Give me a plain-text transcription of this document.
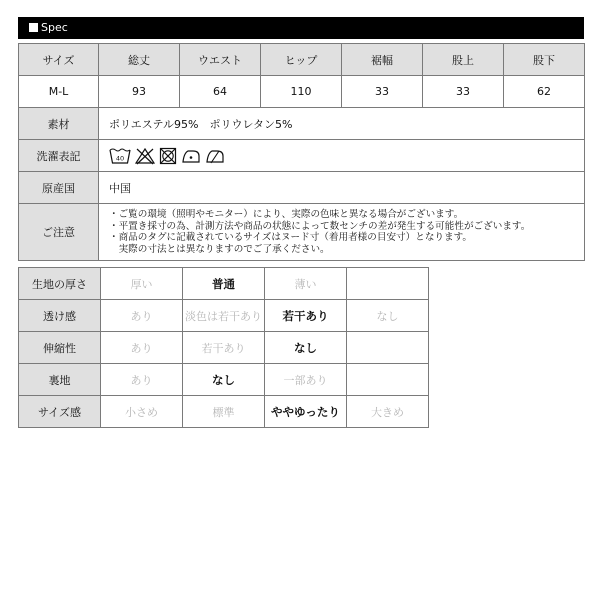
Spec
サイズ	総丈	ウエスト	ヒップ	裾幅	股上	股下
M-L	93	64	110	33	33	62
素材	ポリエステル95%　ポリウレタン5%					
洗濯表記	40					

原産国	中国					
ご注意	・ご覧の環境（照明やモニター）により、実際の色味と異なる場合がございます。
・平置き採寸の為、計測方法や商品の状態によって数センチの差が発生する可能性がございます。
・商品のタグに記載されているサイズはヌード寸（着用者様の目安寸）となります。
　実際の寸法とは異なりますのでご了承ください。					
生地の厚さ	厚い	普通	薄い	
透け感	あり	淡色は若干あり	若干あり	なし
伸縮性	あり	若干あり	なし	
裏地	あり	なし	一部あり	
サイズ感	小さめ	標準	ややゆったり	大きめ
